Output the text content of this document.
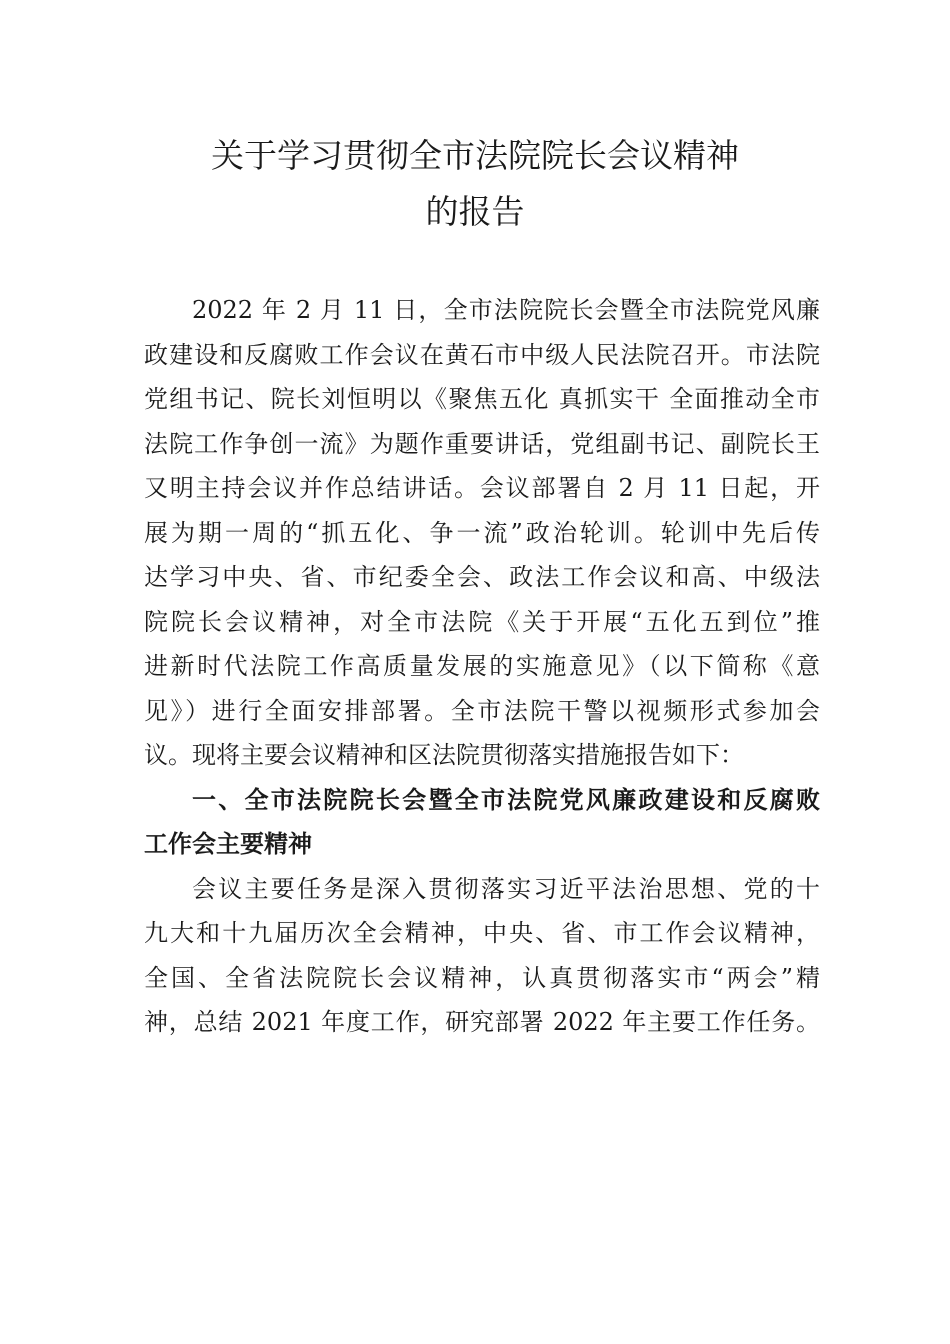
关于学习贯彻全市法院院长会议精神
的报告
2022 年 2 月 11 日，全市法院院长会暨全市法院党风廉
政建设和反腐败工作会议在黄石市中级人民法院召开。市法院
党组书记、院长刘恒明以《聚焦五化 真抓实干 全面推动全市
法院工作争创一流》为题作重要讲话，党组副书记、副院长王
又明主持会议并作总结讲话。会议部署自 2 月 11 日起，开
展为期一周的“抓五化、争一流”政治轮训。轮训中先后传
达学习中央、省、市纪委全会、政法工作会议和高、中级法
院院长会议精神，对全市法院《关于开展“五化五到位”推
进新时代法院工作高质量发展的实施意见》（以下简称《意
见》）进行全面安排部署。全市法院干警以视频形式参加会
议。现将主要会议精神和区法院贯彻落实措施报告如下：
一、全市法院院长会暨全市法院党风廉政建设和反腐败
工作会主要精神
会议主要任务是深入贯彻落实习近平法治思想、党的十
九大和十九届历次全会精神，中央、省、市工作会议精神，
全国、全省法院院长会议精神，认真贯彻落实市“两会”精
神，总结 2021 年度工作，研究部署 2022 年主要工作任务。
